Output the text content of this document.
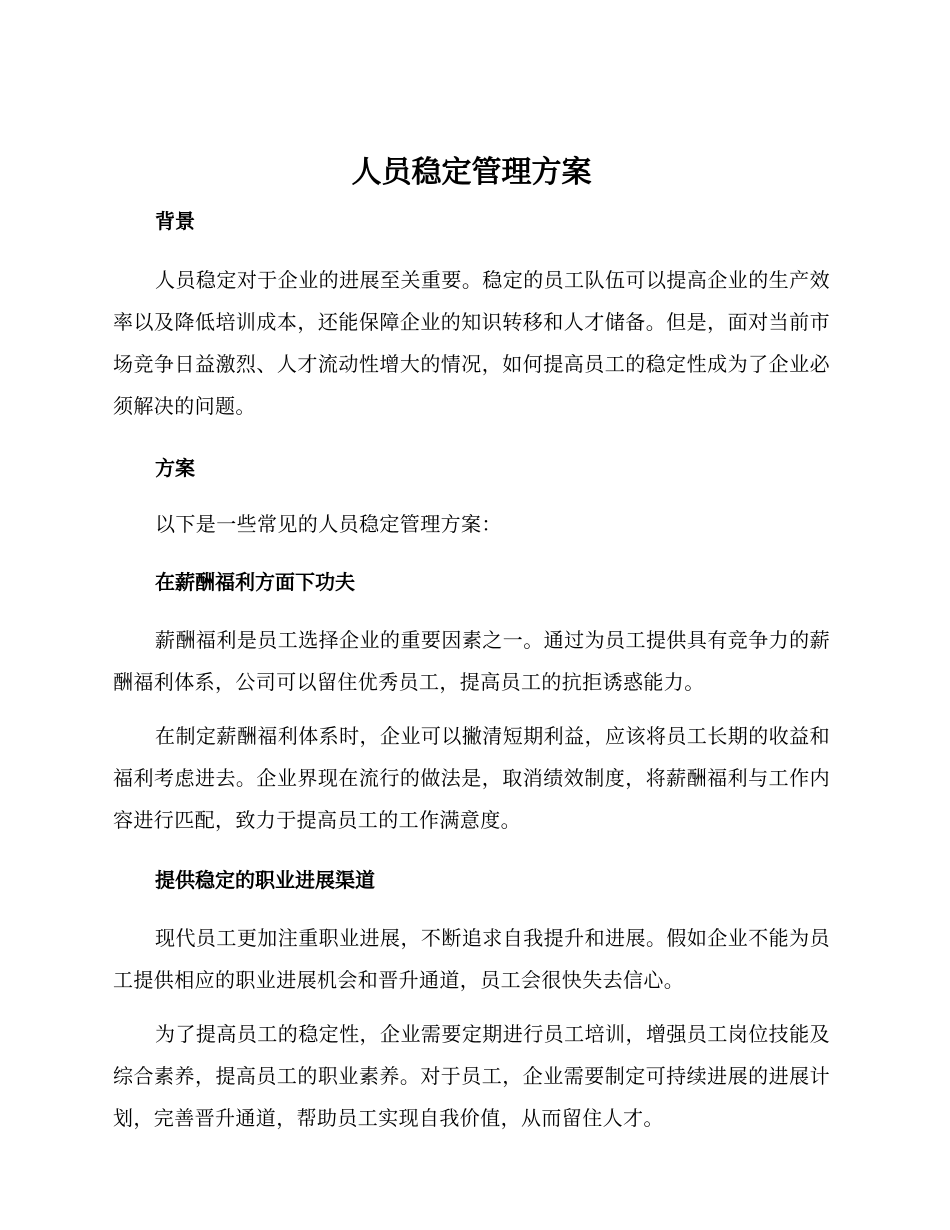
人员稳定管理方案
背景

人员稳定对于企业的进展至关重要。稳定的员工队伍可以提高企业的生产效率以及降低培训成本，还能保障企业的知识转移和人才储备。但是，面对当前市场竞争日益激烈、人才流动性增大的情况，如何提高员工的稳定性成为了企业必须解决的问题。

方案

以下是一些常见的人员稳定管理方案：

在薪酬福利方面下功夫

薪酬福利是员工选择企业的重要因素之一。通过为员工提供具有竞争力的薪酬福利体系，公司可以留住优秀员工，提高员工的抗拒诱惑能力。

在制定薪酬福利体系时，企业可以撇清短期利益，应该将员工长期的收益和福利考虑进去。企业界现在流行的做法是，取消绩效制度，将薪酬福利与工作内容进行匹配，致力于提高员工的工作满意度。

提供稳定的职业进展渠道

现代员工更加注重职业进展，不断追求自我提升和进展。假如企业不能为员工提供相应的职业进展机会和晋升通道，员工会很快失去信心。

为了提高员工的稳定性，企业需要定期进行员工培训，增强员工岗位技能及综合素养，提高员工的职业素养。对于员工，企业需要制定可持续进展的进展计划，完善晋升通道，帮助员工实现自我价值，从而留住人才。
